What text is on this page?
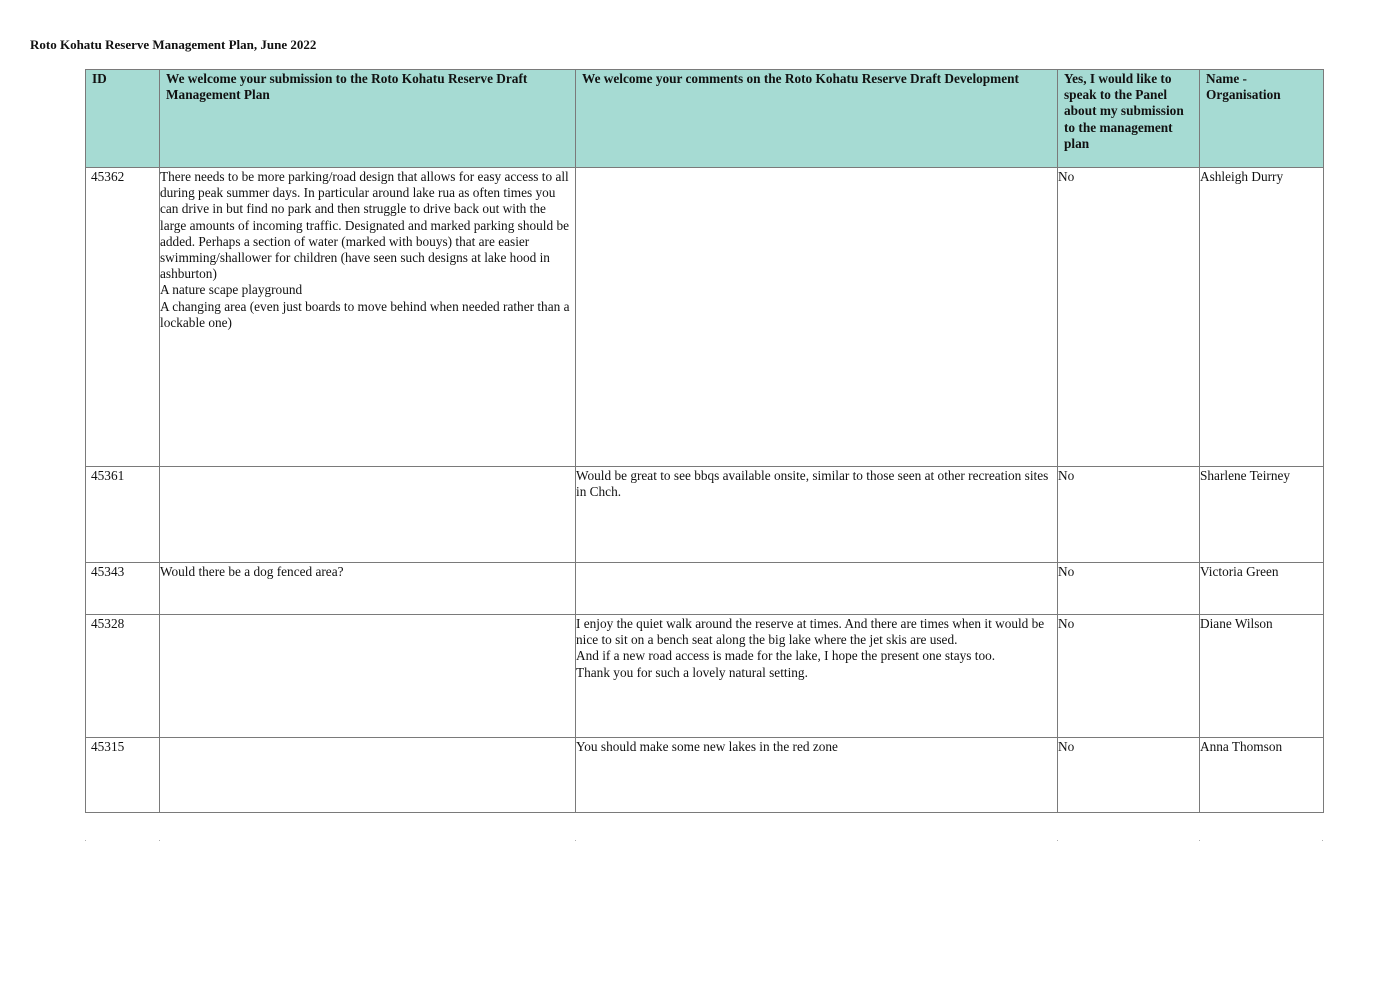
Roto Kohatu Reserve Management Plan, June 2022
ID	We welcome your submission to the Roto Kohatu Reserve Draft Management Plan	We welcome your comments on the Roto Kohatu Reserve Draft Development	Yes, I would like to speak to the Panel about my submission to the management plan	Name - Organisation
45362	There needs to be more parking/road design that allows for easy access to all during peak summer days. In particular around lake rua as often times you can drive in but find no park and then struggle to drive back out with the large amounts of incoming traffic. Designated and marked parking should be added. Perhaps a section of water (marked with bouys) that are easier swimming/shallower for children (have seen such designs at lake hood in ashburton)
A nature scape playground
A changing area (even just boards to move behind when needed rather than a lockable one)		No	Ashleigh Durry
45361		Would be great to see bbqs available onsite, similar to those seen at other recreation sites in Chch.	No	Sharlene Teirney
45343	Would there be a dog fenced area?		No	Victoria Green
45328		I enjoy the quiet walk around the reserve at times. And there are times when it would be nice to sit on a bench seat along the big lake where the jet skis are used.
And if a new road access is made for the lake, I hope the present one stays too.
Thank you for such a lovely natural setting.	No	Diane Wilson
45315		You should make some new lakes in the red zone	No	Anna Thomson
